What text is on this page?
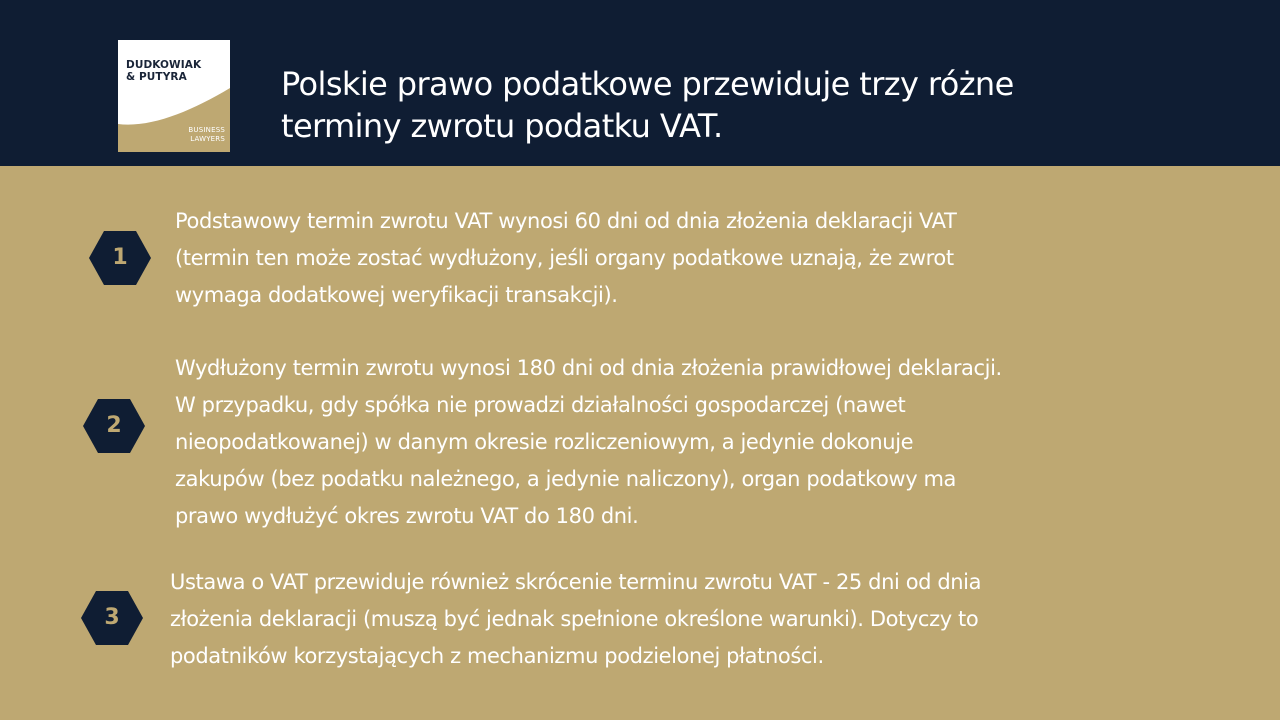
DUDKOWIAK
& PUTYRA
BUSINESS
LAWYERS
Polskie prawo podatkowe przewiduje trzy różne
terminy zwrotu podatku VAT.
1

Podstawowy termin zwrotu VAT wynosi 60 dni od dnia złożenia deklaracji VAT
(termin ten może zostać wydłużony, jeśli organy podatkowe uznają, że zwrot
wymaga dodatkowej weryfikacji transakcji).

2

Wydłużony termin zwrotu wynosi 180 dni od dnia złożenia prawidłowej deklaracji.
W przypadku, gdy spółka nie prowadzi działalności gospodarczej (nawet
nieopodatkowanej) w danym okresie rozliczeniowym, a jedynie dokonuje
zakupów (bez podatku należnego, a jedynie naliczony), organ podatkowy ma
prawo wydłużyć okres zwrotu VAT do 180 dni.

3

Ustawa o VAT przewiduje również skrócenie terminu zwrotu VAT - 25 dni od dnia
złożenia deklaracji (muszą być jednak spełnione określone warunki). Dotyczy to
podatników korzystających z mechanizmu podzielonej płatności.
